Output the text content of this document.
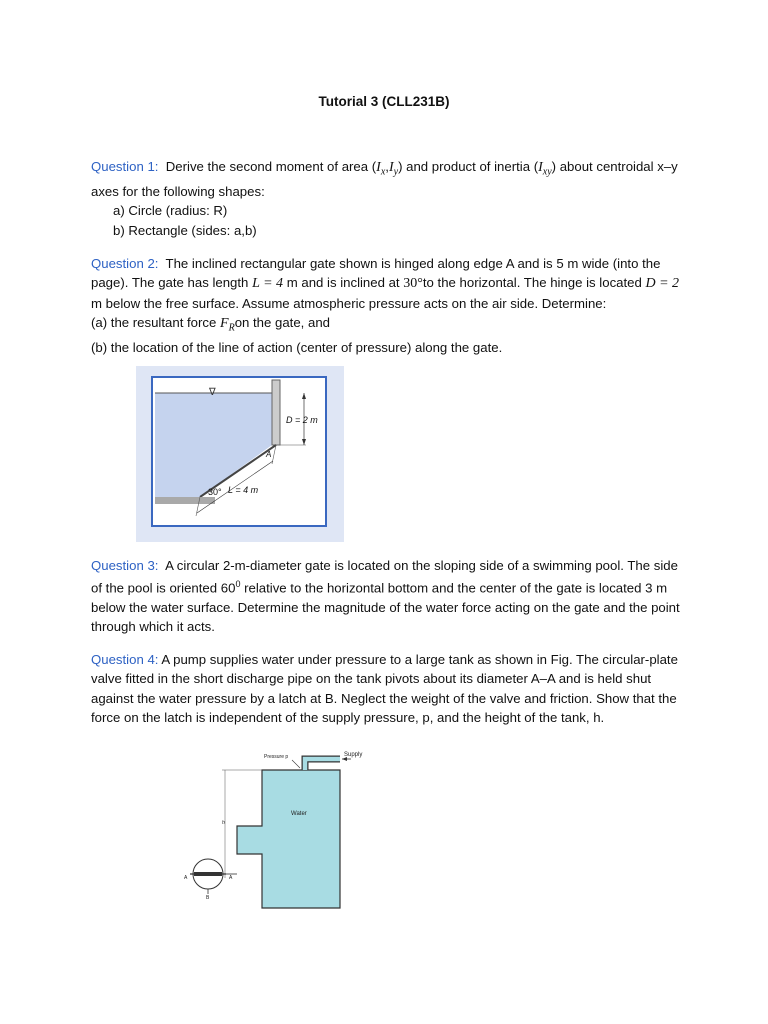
Tutorial 3 (CLL231B)
Question 1: Derive the second moment of area $(I_x,I_y)$ and product of inertia $(I_{xy})$ about centroidal x–y axes for the following shapes:
a) Circle (radius: R)
b) Rectangle (sides: a,b)
Question 2: The inclined rectangular gate shown is hinged along edge A and is 5 m wide (into the page). The gate has length L = 4 m and is inclined at 30°to the horizontal. The hinge is located D = 2 m below the free surface. Assume atmospheric pressure acts on the air side. Determine:
(a) the resultant force $F_Ron$ the gate, and
(b) the location of the line of action (center of pressure) along the gate.
D = 2 m
∇
A
30° L = 4 m
Question 3: A circular 2-m-diameter gate is located on the sloping side of a swimming pool. The side of the pool is oriented $60^0$ relative to the horizontal bottom and the center of the gate is located 3 m below the water surface. Determine the magnitude of the water force acting on the gate and the point through which it acts.
Question 4: A pump supplies water under pressure to a large tank as shown in Fig. The circular-plate valve fitted in the short discharge pipe on the tank pivots about its diameter A–A and is held shut against the water pressure by a latch at B. Neglect the weight of the valve and friction. Show that the force on the latch is independent of the supply pressure, p, and the height of the tank, h.
Supply
Pressure p
Water
h
A	A
B
